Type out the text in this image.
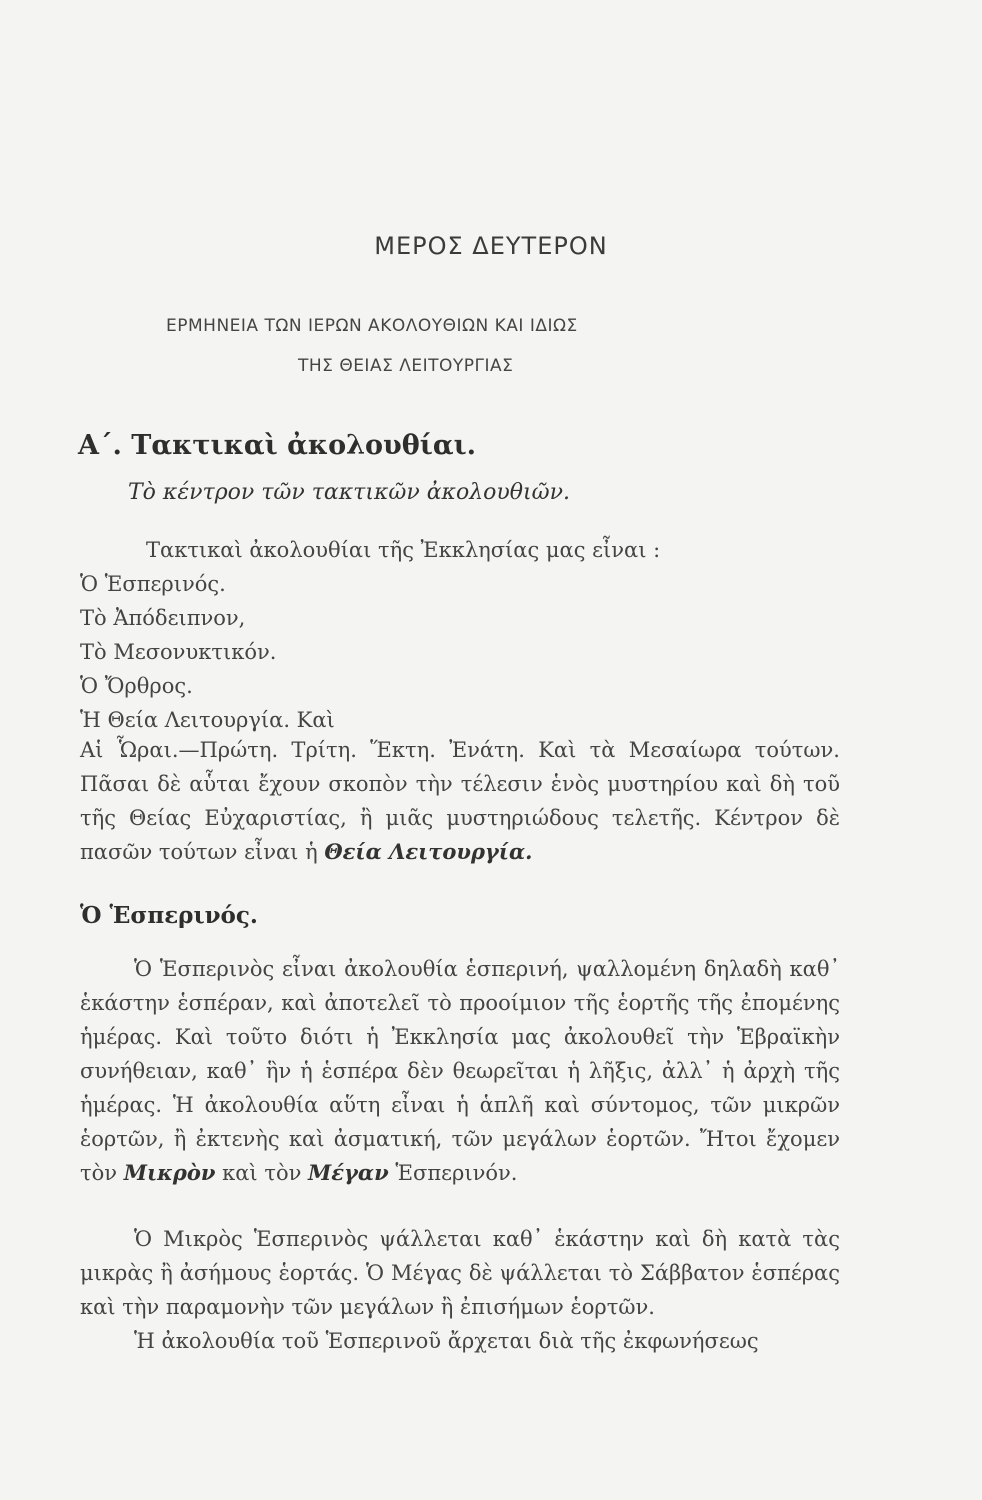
ΜΕΡΟΣ ΔΕΥΤΕΡΟΝ
ΕΡΜΗΝΕΙΑ ΤΩΝ ΙΕΡΩΝ ΑΚΟΛΟΥΘΙΩΝ ΚΑΙ ΙΔΙΩΣ
ΤΗΣ ΘΕΙΑΣ ΛΕΙΤΟΥΡΓΙΑΣ
Α΄. Τακτικαὶ ἀκολουθίαι.
Τὸ κέντρον τῶν τακτικῶν ἀκολουθιῶν.
Τακτικαὶ ἀκολουθίαι τῆς Ἐκκλησίας μας εἶναι :
Ὁ Ἑσπερινός.
Τὸ Ἀπόδειπνον,
Τὸ Μεσονυκτικόν.
Ὁ Ὄρθρος.
Ἡ Θεία Λειτουργία. Καὶ
Αἱ Ὧραι.—Πρώτη. Τρίτη. Ἕκτη. Ἐνάτη. Καὶ τὰ Μεσαίωρα τούτων. Πᾶσαι δὲ αὗται ἔχουν σκοπὸν τὴν τέλεσιν ἑνὸς μυστηρίου καὶ δὴ τοῦ τῆς Θείας Εὐχαριστίας, ἢ μιᾶς μυστηριώδους τελετῆς. Κέντρον δὲ πασῶν τούτων εἶναι ἡ Θεία Λειτουργία.
Ὁ Ἑσπερινός.
Ὁ Ἑσπερινὸς εἶναι ἀκολουθία ἑσπερινή, ψαλλομένη δηλαδὴ καθ᾽ ἑκάστην ἑσπέραν, καὶ ἀποτελεῖ τὸ προοίμιον τῆς ἑορτῆς τῆς ἐπομένης ἡμέρας. Καὶ τοῦτο διότι ἡ Ἐκκλησία μας ἀκολουθεῖ τὴν Ἑβραϊκὴν συνήθειαν, καθ᾽ ἣν ἡ ἑσπέρα δὲν θεωρεῖται ἡ λῆξις, ἀλλ᾽ ἡ ἀρχὴ τῆς ἡμέρας. Ἡ ἀκολουθία αὕτη εἶναι ἡ ἁπλῆ καὶ σύντομος, τῶν μικρῶν ἑορτῶν, ἢ ἐκτενὴς καὶ ἀσματική, τῶν μεγάλων ἑορτῶν. Ἤτοι ἔχομεν τὸν Μικρὸν καὶ τὸν Μέγαν Ἑσπερινόν.
Ὁ Μικρὸς Ἑσπερινὸς ψάλλεται καθ᾽ ἑκάστην καὶ δὴ κατὰ τὰς μικρὰς ἢ ἀσήμους ἑορτάς. Ὁ Μέγας δὲ ψάλλεται τὸ Σάββατον ἑσπέρας καὶ τὴν παραμονὴν τῶν μεγάλων ἢ ἐπισήμων ἑορτῶν.
Ἡ ἀκολουθία τοῦ Ἑσπερινοῦ ἄρχεται διὰ τῆς ἐκφωνήσεως
